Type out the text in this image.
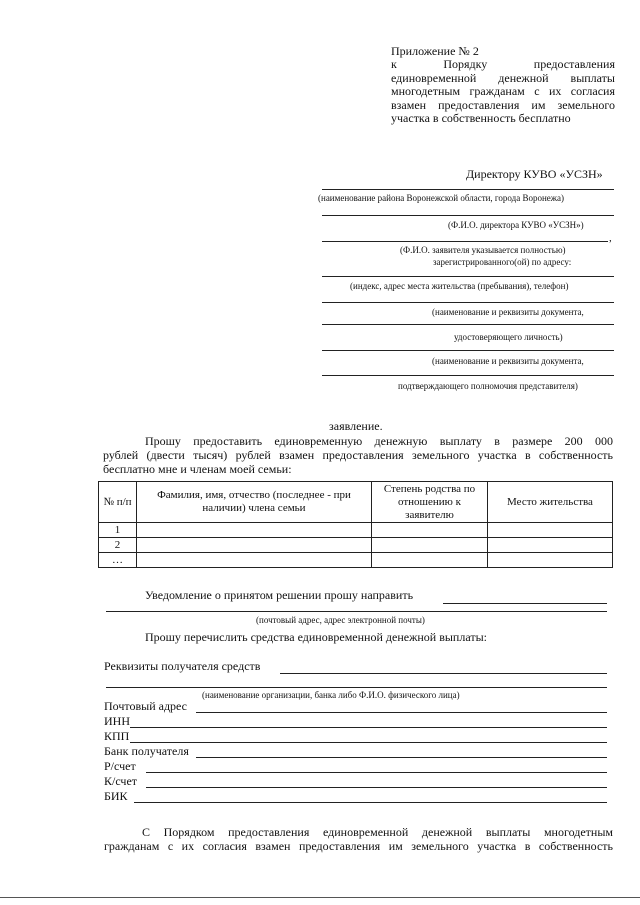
Приложение № 2
к Порядку предоставления
единовременной денежной выплаты
многодетным гражданам с их согласия
взамен предоставления им земельного
участка в собственность бесплатно
Директору КУВО «УСЗН»
(наименование района Воронежской области, города Воронежа)
(Ф.И.О. директора КУВО «УСЗН»)
,
(Ф.И.О. заявителя указывается полностью)
зарегистрированного(ой) по адресу:
(индекс, адрес места жительства (пребывания), телефон)
(наименование и реквизиты документа,
удостоверяющего личность)
(наименование и реквизиты документа,
подтверждающего полномочия представителя)
заявление.
Прошу предоставить единовременную денежную выплату в размере 200 000
рублей (двести тысяч) рублей взамен предоставления земельного участка в собственность
бесплатно мне и членам моей семьи:
№ п/п	Фамилия, имя, отчество (последнее - при наличии) члена семьи	Степень родства по отношению к заявителю	Место жительства
1			
2			
…			
Уведомление о принятом решении прошу направить
(почтовый адрес, адрес электронной почты)
Прошу перечислить средства единовременной денежной выплаты:
Реквизиты получателя средств
(наименование организации, банка либо Ф.И.О. физического лица)
Почтовый адрес
ИНН
КПП
Банк получателя
Р/счет
К/счет
БИК
С Порядком предоставления единовременной денежной выплаты многодетным
гражданам с их согласия взамен предоставления им земельного участка в собственность
